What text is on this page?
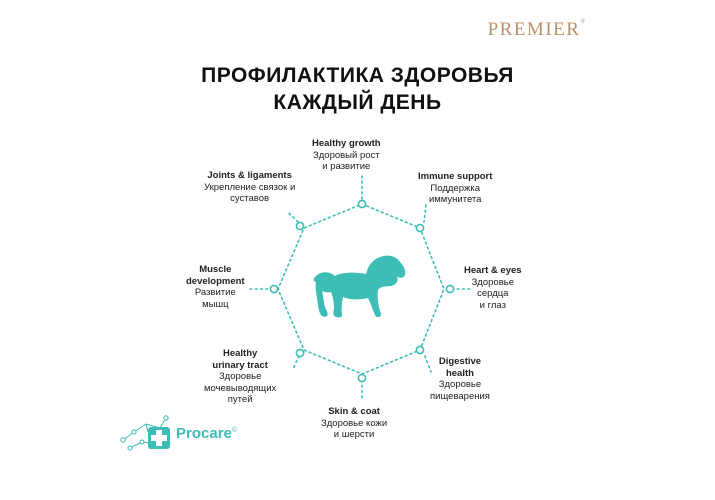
PREMIER®
ПРОФИЛАКТИКА ЗДОРОВЬЯ
КАЖДЫЙ ДЕНЬ
Healthy growth
Здоровый рост
и развитие
Immune support
Поддержка
иммунитета
Heart & eyes
Здоровье
сердца
и глаз
Digestive
health
Здоровье
пищеварения
Skin & coat
Здоровье кожи
и шерсти
Healthy
urinary tract
Здоровье
мочевыводящих
путей
Muscle
development
Развитие
мышц
Joints & ligaments
Укрепление связок и
суставов
Procare©
